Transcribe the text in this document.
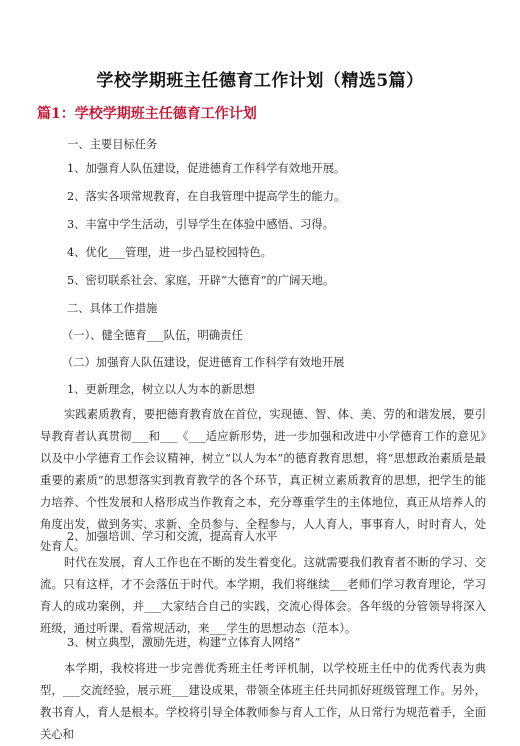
学校学期班主任德育工作计划（精选5篇）
篇1：学校学期班主任德育工作计划
一、主要目标任务
1、加强育人队伍建设，促进德育工作科学有效地开展。
2、落实各项常规教育，在自我管理中提高学生的能力。
3、丰富中学生活动，引导学生在体验中感悟、习得。
4、优化___管理，进一步凸显校园特色。
5、密切联系社会、家庭，开辟“大德育”的广阔天地。
二、具体工作措施
（一）、健全德育___队伍，明确责任
（二）加强育人队伍建设，促进德育工作科学有效地开展
1、更新理念，树立以人为本的新思想
实践素质教育，要把德育教育放在首位，实现德、智、体、美、劳的和谐发展，要引导教育者认真贯彻___和___《___适应新形势，进一步加强和改进中小学德育工作的意见》以及中小学德育工作会议精神，树立“以人为本”的德育教育思想，将“思想政治素质是最重要的素质”的思想落实到教育教学的各个环节，真正树立素质教育的思想，把学生的能力培养、个性发展和人格形成当作教育之本，充分尊重学生的主体地位，真正从培养人的角度出发，做到务实、求新、全员参与、全程参与，人人育人，事事育人，时时育人，处处育人。
2、加强培训、学习和交流，提高育人水平
时代在发展，育人工作也在不断的发生着变化。这就需要我们教育者不断的学习、交流。只有这样，才不会落伍于时代。本学期，我们将继续___老师们学习教育理论，学习育人的成功案例，并___大家结合自己的实践，交流心得体会。各年级的分管领导将深入班级，通过听课、看常规活动，来___学生的思想动态（范本）。
3、树立典型，激励先进，构建“立体育人网络”
本学期，我校将进一步完善优秀班主任考评机制，以学校班主任中的优秀代表为典型，___交流经验，展示班___建设成果，带领全体班主任共同抓好班级管理工作。另外，教书育人，育人是根本。学校将引导全体教师参与育人工作，从日常行为规范着手，全面关心和
